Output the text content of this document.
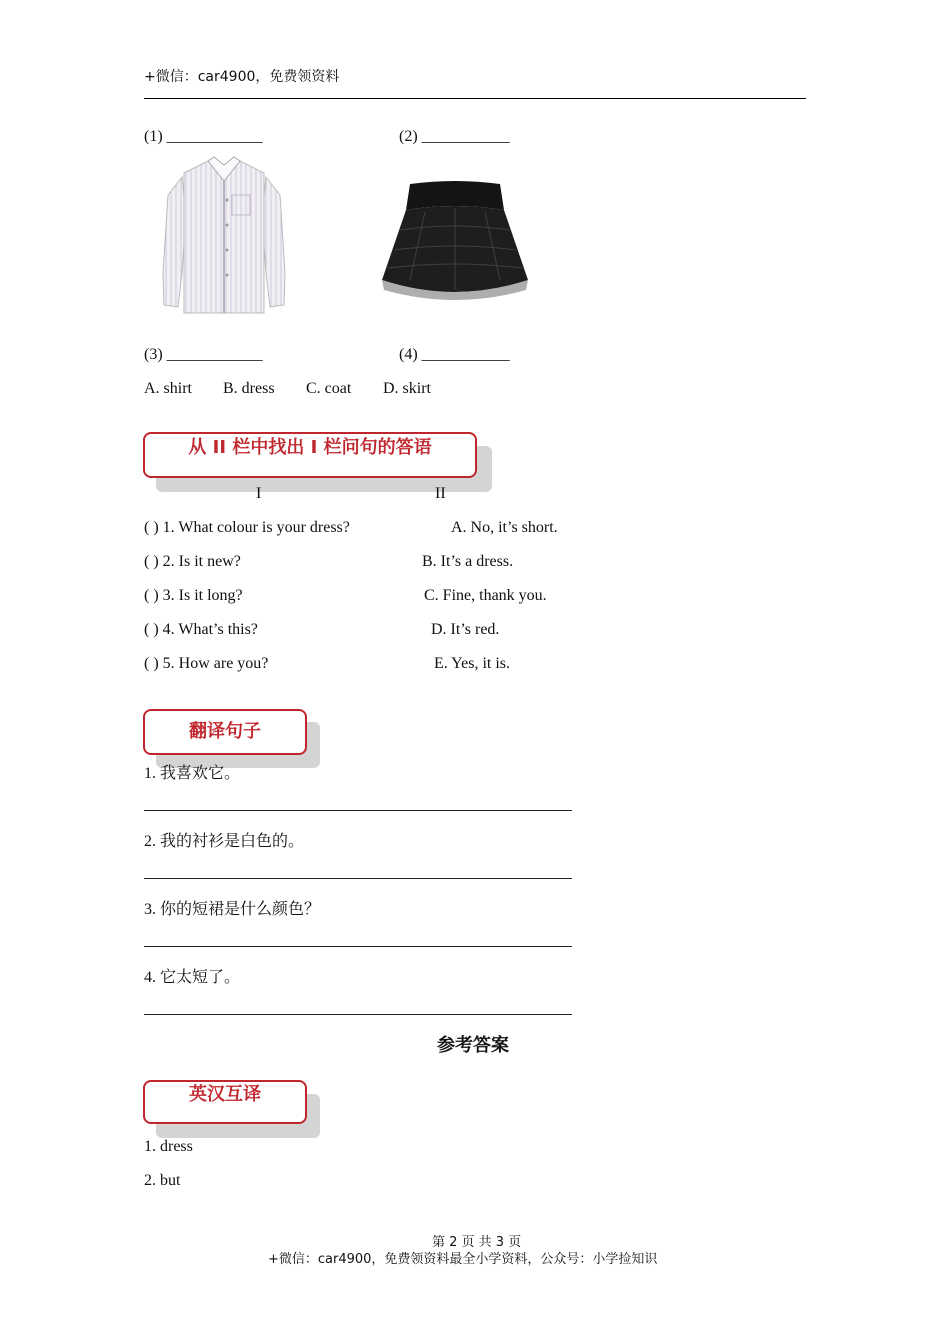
+微信：car4900，免费领资料
(1) ____________	(2) ___________
(3) ____________	(4) ___________
A. shirt B. dress C. coat D. skirt
从 II 栏中找出 I 栏问句的答语
I	II
( ) 1. What colour is your dress?	A. No, it’s short.
( ) 2. Is it new?	B. It’s a dress.
( ) 3. Is it long?	C. Fine, thank you.
( ) 4. What’s this?	D. It’s red.
( ) 5. How are you?	E. Yes, it is.
翻译句子
1. 我喜欢它。
2. 我的衬衫是白色的。
3. 你的短裙是什么颜色？
4. 它太短了。
参考答案
英汉互译
1. dress
2. but
第 2 页 共 3 页
+微信：car4900，免费领资料最全小学资料，公众号：小学捡知识
